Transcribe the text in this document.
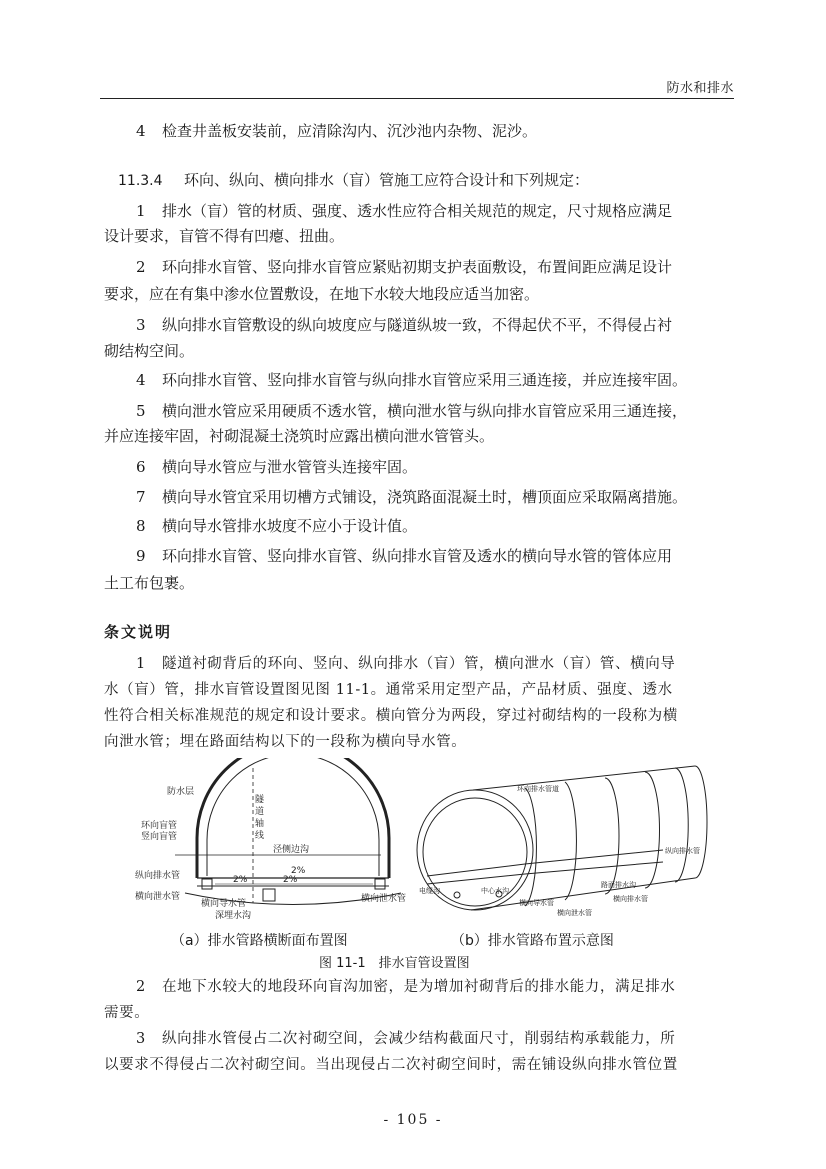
防水和排水
4 检查井盖板安装前，应清除沟内、沉沙池内杂物、泥沙。
11.3.4 环向、纵向、横向排水（盲）管施工应符合设计和下列规定：
1 排水（盲）管的材质、强度、透水性应符合相关规范的规定，尺寸规格应满足
设计要求，盲管不得有凹瘪、扭曲。
2 环向排水盲管、竖向排水盲管应紧贴初期支护表面敷设，布置间距应满足设计
要求，应在有集中渗水位置敷设，在地下水较大地段应适当加密。
3 纵向排水盲管敷设的纵向坡度应与隧道纵坡一致，不得起伏不平，不得侵占衬
砌结构空间。
4 环向排水盲管、竖向排水盲管与纵向排水盲管应采用三通连接，并应连接牢固。
5 横向泄水管应采用硬质不透水管，横向泄水管与纵向排水盲管应采用三通连接，
并应连接牢固，衬砌混凝土浇筑时应露出横向泄水管管头。
6 横向导水管应与泄水管管头连接牢固。
7 横向导水管宜采用切槽方式铺设，浇筑路面混凝土时，槽顶面应采取隔离措施。
8 横向导水管排水坡度不应小于设计值。
9 环向排水盲管、竖向排水盲管、纵向排水盲管及透水的横向导水管的管体应用
土工布包裹。
条文说明
1 隧道衬砌背后的环向、竖向、纵向排水（盲）管，横向泄水（盲）管、横向导
水（盲）管，排水盲管设置图见图 11-1。通常采用定型产品，产品材质、强度、透水
性符合相关标准规范的规定和设计要求。横向管分为两段，穿过衬砌结构的一段称为横
向泄水管；埋在路面结构以下的一段称为横向导水管。
防水层
环向盲管
竖向盲管
纵向排水管
横向泄水管
横向导水管
深埋水沟
横向泄水管
隧
道
轴
线
泾侧边沟
2%	2%
2%
环向排水管道
纵向排水管
电缆沟	中心水沟
路面排水沟
横向排水管
横向导水管
横向泄水管
（a）排水管路横断面布置图	（b）排水管路布置示意图
图 11-1　排水盲管设置图
2 在地下水较大的地段环向盲沟加密，是为增加衬砌背后的排水能力，满足排水
需要。
3 纵向排水管侵占二次衬砌空间，会减少结构截面尺寸，削弱结构承载能力，所
以要求不得侵占二次衬砌空间。当出现侵占二次衬砌空间时，需在铺设纵向排水管位置
- 105 -
